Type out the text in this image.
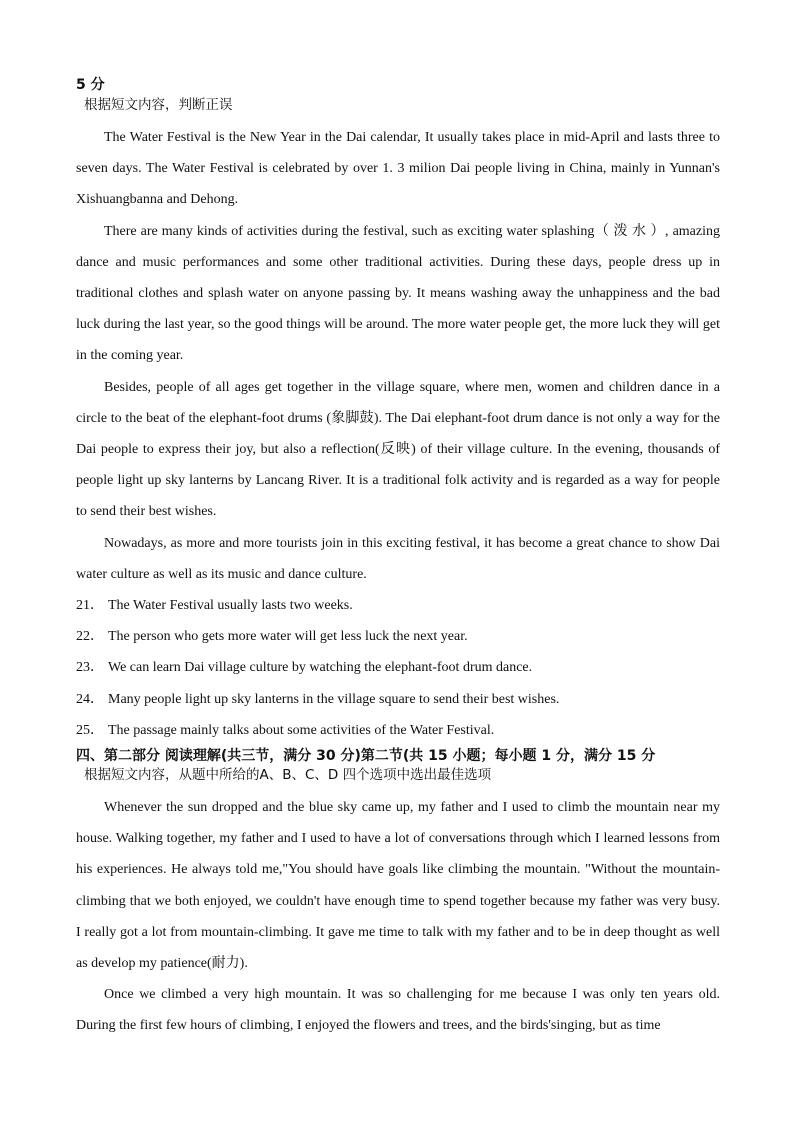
5 分
根据短文内容，判断正误

The Water Festival is the New Year in the Dai calendar, It usually takes place in mid-April and lasts three to seven days. The Water Festival is celebrated by over 1. 3 milion Dai people living in China, mainly in Yunnan's Xishuangbanna and Dehong.

There are many kinds of activities during the festival, such as exciting water splashing（ 泼 水 ）, amazing dance and music performances and some other traditional activities. During these days, people dress up in traditional clothes and splash water on anyone passing by. It means washing away the unhappiness and the bad luck during the last year, so the good things will be around. The more water people get, the more luck they will get in the coming year.

Besides, people of all ages get together in the village square, where men, women and children dance in a circle to the beat of the elephant-foot drums (象脚鼓). The Dai elephant-foot drum dance is not only a way for the Dai people to express their joy, but also a reflection(反映) of their village culture. In the evening, thousands of people light up sky lanterns by Lancang River. It is a traditional folk activity and is regarded as a way for people to send their best wishes.

Nowadays, as more and more tourists join in this exciting festival, it has become a great chance to show Dai water culture as well as its music and dance culture.

21． The Water Festival usually lasts two weeks.
22． The person who gets more water will get less luck the next year.
23． We can learn Dai village culture by watching the elephant-foot drum dance.
24． Many people light up sky lanterns in the village square to send their best wishes.
25． The passage mainly talks about some activities of the Water Festival.
四、第二部分 阅读理解(共三节，满分 30 分)第二节(共 15 小题；每小题 1 分，满分 15 分
根据短文内容，从题中所给的A、B、C、D 四个选项中选出最佳选项

Whenever the sun dropped and the blue sky came up, my father and I used to climb the mountain near my house. Walking together, my father and I used to have a lot of conversations through which I learned lessons from his experiences. He always told me,"You should have goals like climbing the mountain. "Without the mountain-climbing that we both enjoyed, we couldn't have enough time to spend together because my father was very busy. I really got a lot from mountain-climbing. It gave me time to talk with my father and to be in deep thought as well as develop my patience(耐力).

Once we climbed a very high mountain. It was so challenging for me because I was only ten years old. During the first few hours of climbing, I enjoyed the flowers and trees, and the birds'singing, but as time
